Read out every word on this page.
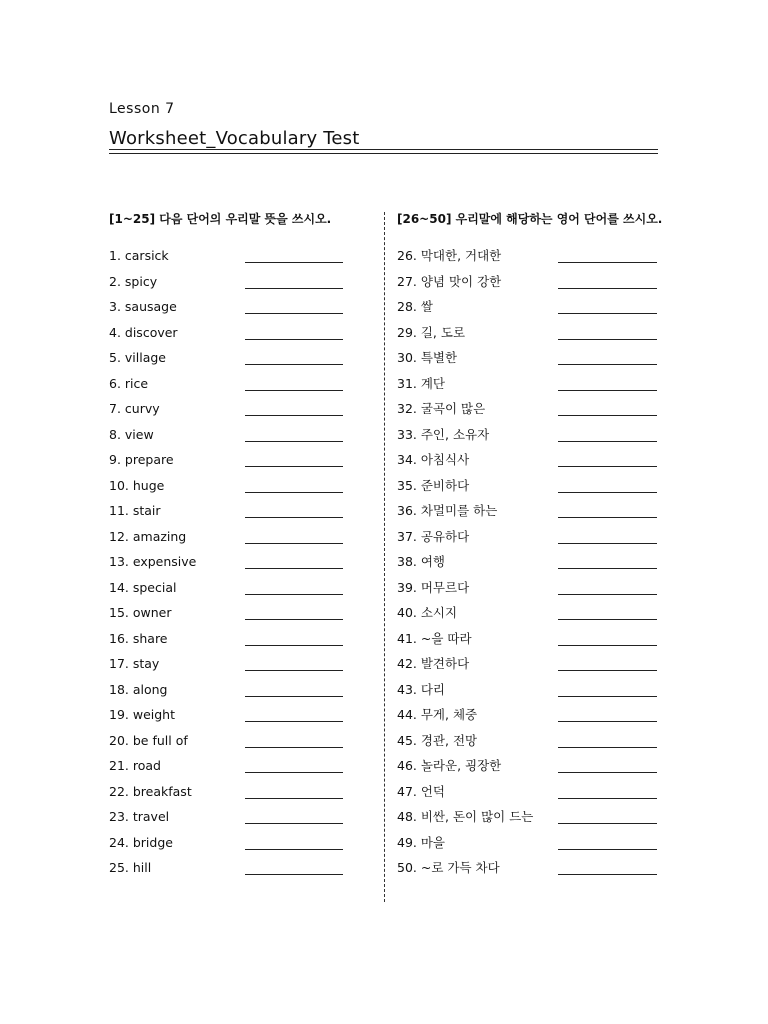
Lesson 7
Worksheet_Vocabulary Test
[1~25] 다음 단어의 우리말 뜻을 쓰시오.	[26~50] 우리말에 해당하는 영어 단어를 쓰시오.
1. carsick
2. spicy
3. sausage
4. discover
5. village
6. rice
7. curvy
8. view
9. prepare
10. huge
11. stair
12. amazing
13. expensive
14. special
15. owner
16. share
17. stay
18. along
19. weight
20. be full of
21. road
22. breakfast
23. travel
24. bridge
25. hill
26. 막대한, 거대한
27. 양념 맛이 강한
28. 쌀
29. 길, 도로
30. 특별한
31. 계단
32. 굴곡이 많은
33. 주인, 소유자
34. 아침식사
35. 준비하다
36. 차멀미를 하는
37. 공유하다
38. 여행
39. 머무르다
40. 소시지
41. ~을 따라
42. 발견하다
43. 다리
44. 무게, 체중
45. 경관, 전망
46. 놀라운, 굉장한
47. 언덕
48. 비싼, 돈이 많이 드는
49. 마을
50. ~로 가득 차다
